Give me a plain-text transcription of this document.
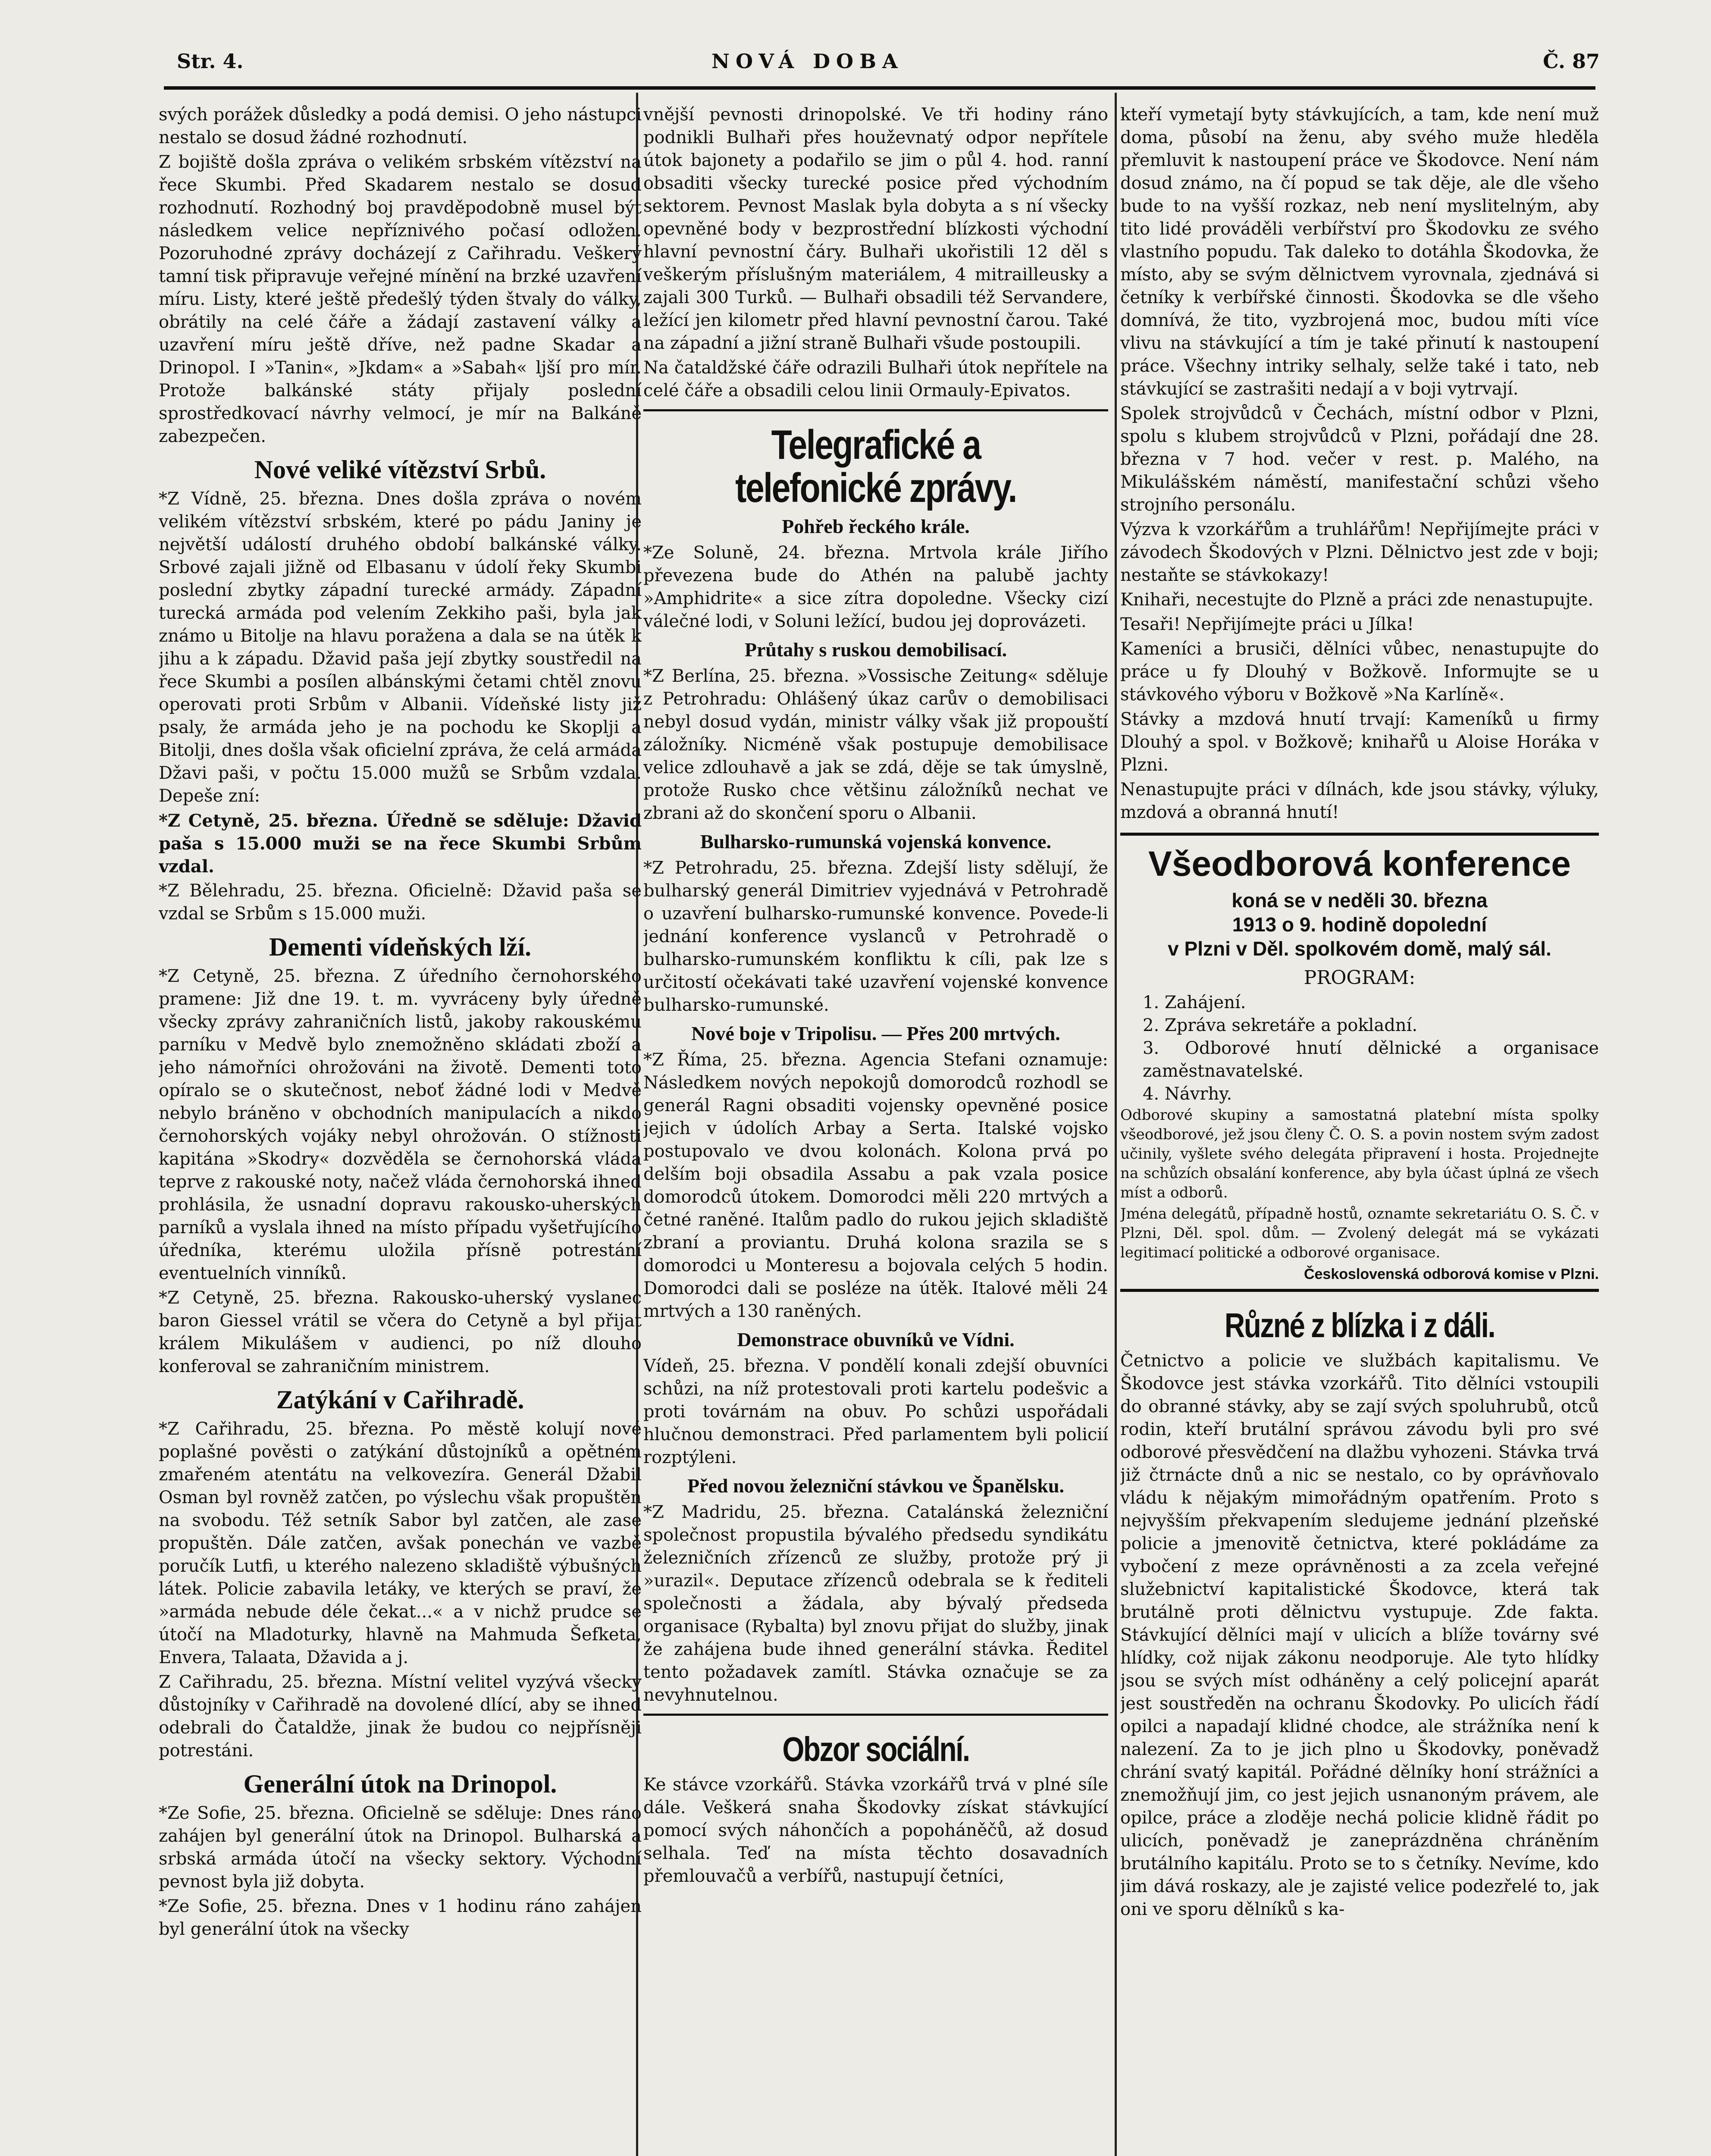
Str. 4.	NOVÁ DOBA	Č. 87

svých porážek důsledky a podá demisi. O jeho nástupci nestalo se dosud žádné rozhodnutí.

Z bojiště došla zpráva o velikém srbském vítězství na řece Skumbi. Před Skadarem nestalo se dosud rozhodnutí. Rozhodný boj pravděpodobně musel být následkem velice nepříznivého počasí odložen. Pozoruhodné zprávy docházejí z Cařihradu. Veškerý tamní tisk připravuje veřejné mínění na brzké uzavření míru. Listy, které ještě předešlý týden štvaly do války, obrátily na celé čáře a žádají zastavení války a uzavření míru ještě dříve, než padne Skadar a Drinopol. I »Tanin«, »Jkdam« a »Sabah« ljší pro mír. Protože balkánské státy přijaly poslední sprostředkovací návrhy velmocí, je mír na Balkáně zabezpečen.

Nové veliké vítězství Srbů.

*Z Vídně, 25. března. Dnes došla zpráva o novém velikém vítězství srbském, které po pádu Janiny je největší událostí druhého období balkánské války. Srbové zajali jižně od Elbasanu v údolí řeky Skumbi poslední zbytky západní turecké armády. Západní turecká armáda pod velením Zekkiho paši, byla jak známo u Bitolje na hlavu poražena a dala se na útěk k jihu a k západu. Džavid paša její zbytky soustředil na řece Skumbi a posílen albánskými četami chtěl znovu operovati proti Srbům v Albanii. Vídeňské listy již psaly, že armáda jeho je na pochodu ke Skoplji a Bitolji, dnes došla však oficielní zpráva, že celá armáda Džavi paši, v počtu 15.000 mužů se Srbům vzdala. Depeše zní:

*Z Cetyně, 25. března. Úředně se sděluje: Džavid paša s 15.000 muži se na řece Skumbi Srbům vzdal.

*Z Bělehradu, 25. března. Oficielně: Džavid paša se vzdal se Srbům s 15.000 muži.

Dementi vídeňských lží.

*Z Cetyně, 25. března. Z úředního černohorského pramene: Již dne 19. t. m. vyvráceny byly úředně všecky zprávy zahraničních listů, jakoby rakouskému parníku v Medvě bylo znemožněno skládati zboží a jeho námořníci ohrožováni na životě. Dementi toto opíralo se o skutečnost, neboť žádné lodi v Medvě nebylo bráněno v obchodních manipulacích a nikdo černohorských vojáky nebyl ohrožován. O stížnosti kapitána »Skodry« dozvěděla se černohorská vláda teprve z rakouské noty, načež vláda černohorská ihned prohlásila, že usnadní dopravu rakousko-uherských parníků a vyslala ihned na místo případu vyšetřujícího úředníka, kterému uložila přísně potrestání eventuelních vinníků.

*Z Cetyně, 25. března. Rakousko-uherský vyslanec baron Giessel vrátil se včera do Cetyně a byl přijat králem Mikulášem v audienci, po níž dlouho konferoval se zahraničním ministrem.

Zatýkání v Cařihradě.

*Z Cařihradu, 25. března. Po městě kolují nové poplašné pověsti o zatýkání důstojníků a opětném zmařeném atentátu na velkovezíra. Generál Džabil Osman byl rovněž zatčen, po výslechu však propuštěn na svobodu. Též setník Sabor byl zatčen, ale zase propuštěn. Dále zatčen, avšak ponechán ve vazbě poručík Lutfi, u kterého nalezeno skladiště výbušných látek. Policie zabavila letáky, ve kterých se praví, že »armáda nebude déle čekat...« a v nichž prudce se útočí na Mladoturky, hlavně na Mahmuda Šefketa, Envera, Talaata, Džavida a j.

Z Cařihradu, 25. března. Místní velitel vyzývá všecky důstojníky v Cařihradě na dovolené dlící, aby se ihned odebrali do Čataldže, jinak že budou co nejpřísněji potrestáni.

Generální útok na Drinopol.

*Ze Sofie, 25. března. Oficielně se sděluje: Dnes ráno zahájen byl generální útok na Drinopol. Bulharská a srbská armáda útočí na všecky sektory. Východní pevnost byla již dobyta.

*Ze Sofie, 25. března. Dnes v 1 hodinu ráno zahájen byl generální útok na všecky

vnější pevnosti drinopolské. Ve tři hodiny ráno podnikli Bulhaři přes houževnatý odpor nepřítele útok bajonety a podařilo se jim o půl 4. hod. ranní obsaditi všecky turecké posice před východním sektorem. Pevnost Maslak byla dobyta a s ní všecky opevněné body v bezprostřední blízkosti východní hlavní pevnostní čáry. Bulhaři ukořistili 12 děl s veškerým příslušným materiálem, 4 mitrailleusky a zajali 300 Turků. — Bulhaři obsadili též Servandere, ležící jen kilometr před hlavní pevnostní čarou. Také na západní a jižní straně Bulhaři všude postoupili.

Na čataldžské čáře odrazili Bulhaři útok nepřítele na celé čáře a obsadili celou linii Ormauly-Epivatos.

Telegrafické a telefonické zprávy.
Pohřeb řeckého krále.

*Ze Soluně, 24. března. Mrtvola krále Jiřího převezena bude do Athén na palubě jachty »Amphidrite« a sice zítra dopoledne. Všecky cizí válečné lodi, v Soluni ležící, budou jej doprovázeti.

Průtahy s ruskou demobilisací.

*Z Berlína, 25. března. »Vossische Zeitung« sděluje z Petrohradu: Ohlášený úkaz carův o demobilisaci nebyl dosud vydán, ministr války však již propouští záložníky. Nicméně však postupuje demobilisace velice zdlouhavě a jak se zdá, děje se tak úmyslně, protože Rusko chce většinu záložníků nechat ve zbrani až do skončení sporu o Albanii.

Bulharsko-rumunská vojenská konvence.

*Z Petrohradu, 25. března. Zdejší listy sdělují, že bulharský generál Dimitriev vyjednává v Petrohradě o uzavření bulharsko-rumunské konvence. Povede-li jednání konference vyslanců v Petrohradě o bulharsko-rumunském konfliktu k cíli, pak lze s určitostí očekávati také uzavření vojenské konvence bulharsko-rumunské.

Nové boje v Tripolisu. — Přes 200 mrtvých.

*Z Říma, 25. března. Agencia Stefani oznamuje: Následkem nových nepokojů domorodců rozhodl se generál Ragni obsaditi vojensky opevněné posice jejich v údolích Arbay a Serta. Italské vojsko postupovalo ve dvou kolonách. Kolona prvá po delším boji obsadila Assabu a pak vzala posice domorodců útokem. Domorodci měli 220 mrtvých a četné raněné. Italům padlo do rukou jejich skladiště zbraní a proviantu. Druhá kolona srazila se s domorodci u Monteresu a bojovala celých 5 hodin. Domorodci dali se posléze na útěk. Italové měli 24 mrtvých a 130 raněných.

Demonstrace obuvníků ve Vídni.

Vídeň, 25. března. V pondělí konali zdejší obuvníci schůzi, na níž protestovali proti kartelu podešvic a proti továrnám na obuv. Po schůzi uspořádali hlučnou demonstraci. Před parlamentem byli policií rozptýleni.

Před novou železniční stávkou ve Španělsku.

*Z Madridu, 25. března. Catalánská železniční společnost propustila bývalého předsedu syndikátu železničních zřízenců ze služby, protože prý ji »urazil«. Deputace zřízenců odebrala se k řediteli společnosti a žádala, aby bývalý předseda organisace (Rybalta) byl znovu přijat do služby, jinak že zahájena bude ihned generální stávka. Ředitel tento požadavek zamítl. Stávka označuje se za nevyhnutelnou.

Obzor sociální.

Ke stávce vzorkářů. Stávka vzorkářů trvá v plné síle dále. Veškerá snaha Škodovky získat stávkující pomocí svých náhončích a popoháněčů, až dosud selhala. Teď na místa těchto dosavadních přemlouvačů a verbířů, nastupují četníci,

kteří vymetají byty stávkujících, a tam, kde není muž doma, působí na ženu, aby svého muže hleděla přemluvit k nastoupení práce ve Škodovce. Není nám dosud známo, na čí popud se tak děje, ale dle všeho bude to na vyšší rozkaz, neb není myslitelným, aby tito lidé prováděli verbířství pro Škodovku ze svého vlastního popudu. Tak daleko to dotáhla Škodovka, že místo, aby se svým dělnictvem vyrovnala, zjednává si četníky k verbířské činnosti. Škodovka se dle všeho domnívá, že tito, vyzbrojená moc, budou míti více vlivu na stávkující a tím je také přinutí k nastoupení práce. Všechny intriky selhaly, selže také i tato, neb stávkující se zastrašiti nedají a v boji vytrvají.

Spolek strojvůdců v Čechách, místní odbor v Plzni, spolu s klubem strojvůdců v Plzni, pořádají dne 28. března v 7 hod. večer v rest. p. Malého, na Mikulášském náměstí, manifestační schůzi všeho strojního personálu.

Výzva k vzorkářům a truhlářům! Nepřijímejte práci v závodech Škodových v Plzni. Dělnictvo jest zde v boji; nestaňte se stávkokazy!

Knihaři, necestujte do Plzně a práci zde nenastupujte.

Tesaři! Nepřijímejte práci u Jílka!

Kameníci a brusiči, dělníci vůbec, nenastupujte do práce u fy Dlouhý v Božkově. Informujte se u stávkového výboru v Božkově »Na Karlíně«.

Stávky a mzdová hnutí trvají: Kameníků u firmy Dlouhý a spol. v Božkově; knihařů u Aloise Horáka v Plzni.

Nenastupujte práci v dílnách, kde jsou stávky, výluky, mzdová a obranná hnutí!

Všeodborová konference

koná se v neděli 30. března

1913 o 9. hodině dopolední

v Plzni v Děl. spolkovém domě, malý sál.

PROGRAM:

1. Zahájení.

2. Zpráva sekretáře a pokladní.

3. Odborové hnutí dělnické a organisace zaměstnavatelské.

4. Návrhy.

Odborové skupiny a samostatná platební místa spolky všeodborové, jež jsou členy Č. O. S. a povin nostem svým zadost učinily, vyšlete svého delegáta připravení i hosta. Projednejte na schůzích obsalání konference, aby byla účast úplná ze všech míst a odborů.

Jména delegátů, případně hostů, oznamte sekretariátu O. S. Č. v Plzni, Děl. spol. dům. — Zvolený delegát má se vykázati legitimací politické a odborové organisace.

Československá odborová komise v Plzni.
Různé z blízka i z dáli.

Četnictvo a policie ve službách kapitalismu. Ve Škodovce jest stávka vzorkářů. Tito dělníci vstoupili do obranné stávky, aby se zají svých spoluhrubů, otců rodin, kteří brutální správou závodu byli pro své odborové přesvědčení na dlažbu vyhozeni. Stávka trvá již čtrnácte dnů a nic se nestalo, co by oprávňovalo vládu k nějakým mimořádným opatřením. Proto s nejvyšším překvapením sledujeme jednání plzeňské policie a jmenovitě četnictva, které pokládáme za vybočení z meze oprávněnosti a za zcela veřejné služebnictví kapitalistické Škodovce, která tak brutálně proti dělnictvu vystupuje. Zde fakta. Stávkující dělníci mají v ulicích a blíže továrny své hlídky, což nijak zákonu neodporuje. Ale tyto hlídky jsou se svých míst odháněny a celý policejní aparát jest soustředěn na ochranu Škodovky. Po ulicích řádí opilci a napadají klidné chodce, ale strážníka není k nalezení. Za to je jich plno u Škodovky, poněvadž chrání svatý kapitál. Pořádné dělníky honí strážníci a znemožňují jim, co jest jejich usnanoným právem, ale opilce, práce a zloděje nechá policie klidně řádit po ulicích, poněvadž je zaneprázdněna chráněním brutálního kapitálu. Proto se to s četníky. Nevíme, kdo jim dává roskazy, ale je zajisté velice podezřelé to, jak oni ve sporu dělníků s ka-
